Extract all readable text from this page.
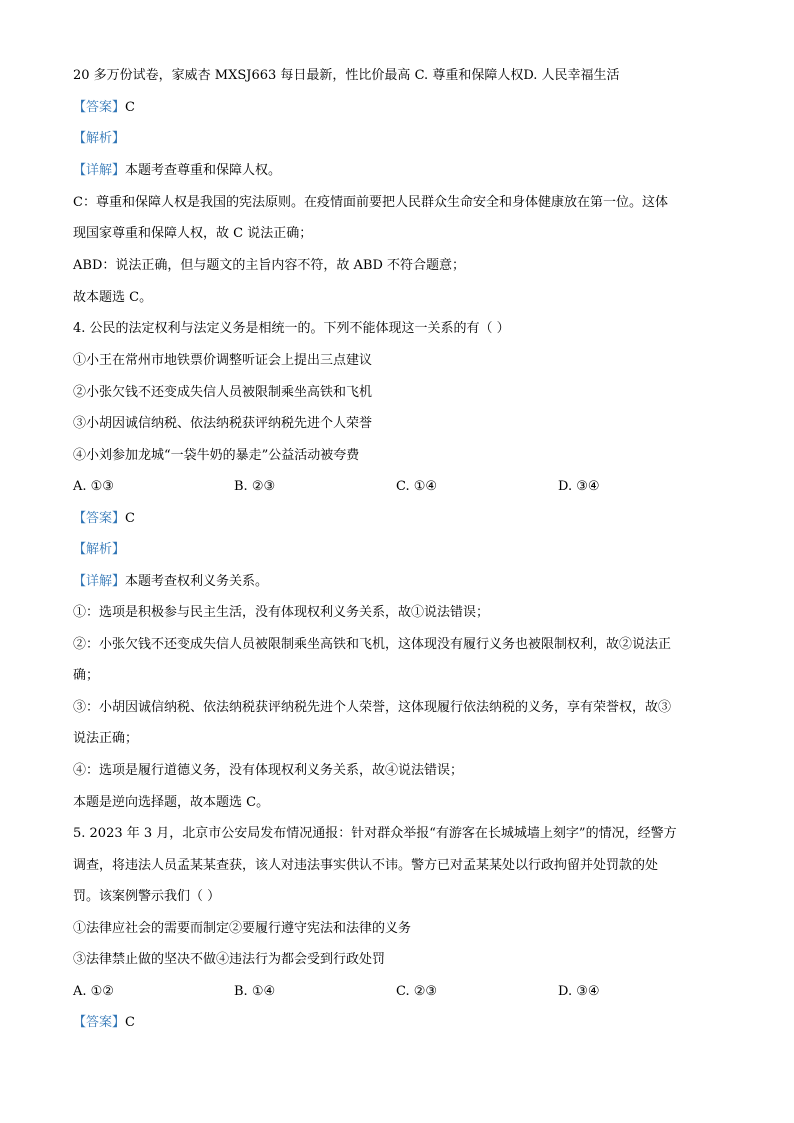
20 多万份试卷，家威杏 MXSJ663 每日最新，性比价最高 C. 尊重和保障人权D. 人民幸福生活
【答案】C
【解析】
【详解】本题考查尊重和保障人权。
C：尊重和保障人权是我国的宪法原则。在疫情面前要把人民群众生命安全和身体健康放在第一位。这体
现国家尊重和保障人权，故 C 说法正确；
ABD：说法正确，但与题文的主旨内容不符，故 ABD 不符合题意；
故本题选 C。
4. 公民的法定权利与法定义务是相统一的。下列不能体现这一关系的有（ ）
①小王在常州市地铁票价调整听证会上提出三点建议
②小张欠钱不还变成失信人员被限制乘坐高铁和飞机
③小胡因诚信纳税、依法纳税获评纳税先进个人荣誉
④小刘参加龙城“一袋牛奶的暴走”公益活动被夸费
A. ①③	B. ②③	C. ①④	D. ③④
【答案】C
【解析】
【详解】本题考查权利义务关系。
①：选项是积极参与民主生活，没有体现权利义务关系，故①说法错误；
②：小张欠钱不还变成失信人员被限制乘坐高铁和飞机，这体现没有履行义务也被限制权利，故②说法正
确；
③：小胡因诚信纳税、依法纳税获评纳税先进个人荣誉，这体现履行依法纳税的义务，享有荣誉权，故③
说法正确；
④：选项是履行道德义务，没有体现权利义务关系，故④说法错误；
本题是逆向选择题，故本题选 C。
5. 2023 年 3 月，北京市公安局发布情况通报：针对群众举报“有游客在长城城墙上刻字”的情况，经警方
调查，将违法人员孟某某查获，该人对违法事实供认不讳。警方已对孟某某处以行政拘留并处罚款的处
罚。该案例警示我们（ ）
①法律应社会的需要而制定②要履行遵守宪法和法律的义务
③法律禁止做的坚决不做④违法行为都会受到行政处罚
A. ①②	B. ①④	C. ②③	D. ③④
【答案】C
